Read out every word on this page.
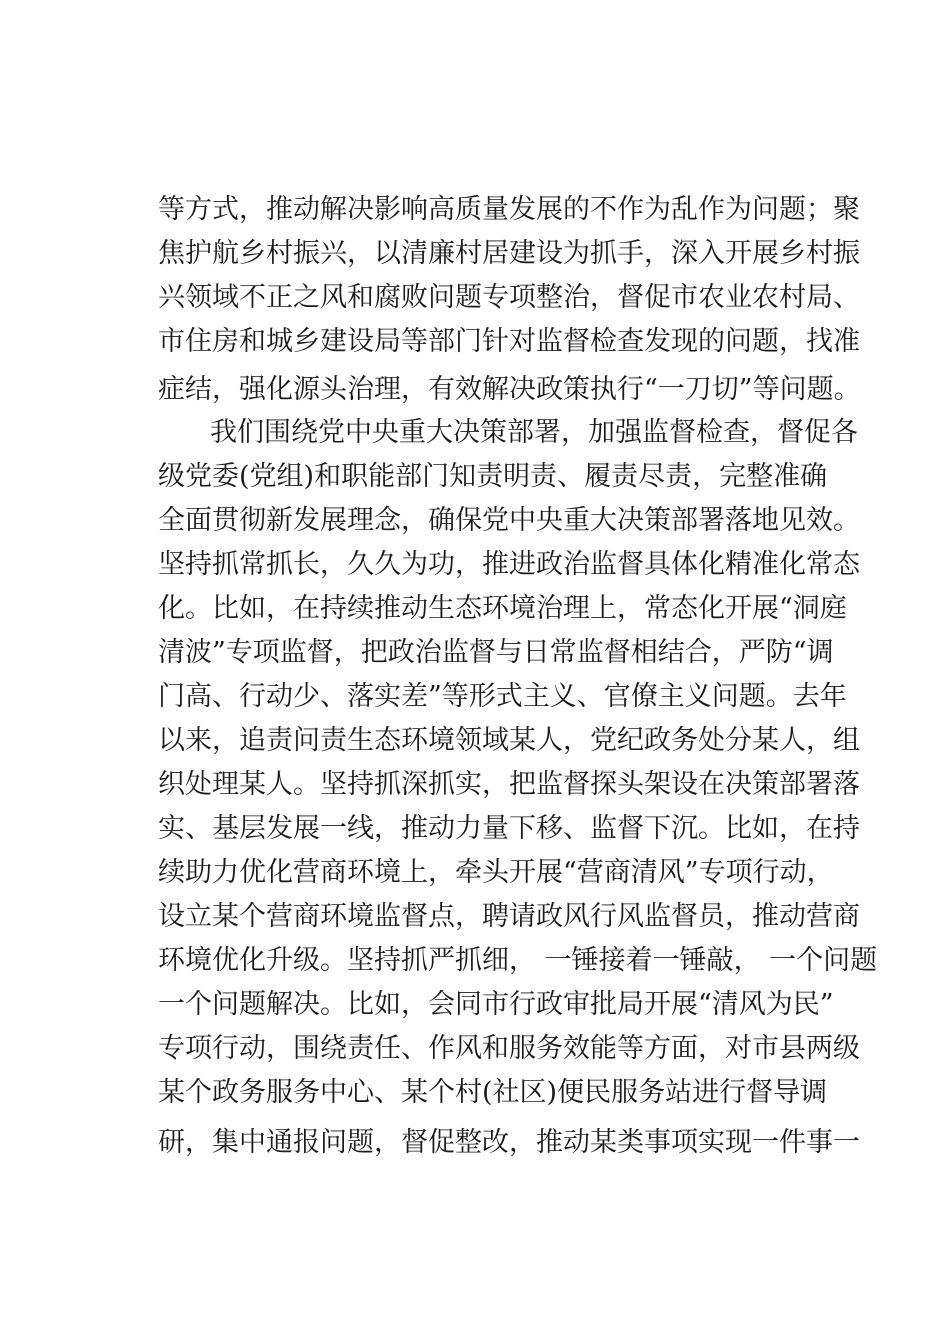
等方式，推动解决影响高质量发展的不作为乱作为问题；聚
焦护航乡村振兴，以清廉村居建设为抓手，深入开展乡村振
兴领域不正之风和腐败问题专项整治，督促市农业农村局、
市住房和城乡建设局等部门针对监督检查发现的问题，找准
症结，强化源头治理，有效解决政策执行“一刀切”等问题。
我们围绕党中央重大决策部署，加强监督检查，督促各
级党委(党组)和职能部门知责明责、履责尽责，完整准确
全面贯彻新发展理念，确保党中央重大决策部署落地见效。
坚持抓常抓长，久久为功，推进政治监督具体化精准化常态
化。比如，在持续推动生态环境治理上，常态化开展“洞庭
清波”专项监督，把政治监督与日常监督相结合，严防“调
门高、行动少、落实差”等形式主义、官僚主义问题。去年
以来，追责问责生态环境领域某人，党纪政务处分某人，组
织处理某人。坚持抓深抓实，把监督探头架设在决策部署落
实、基层发展一线，推动力量下移、监督下沉。比如，在持
续助力优化营商环境上，牵头开展“营商清风”专项行动，
设立某个营商环境监督点，聘请政风行风监督员，推动营商
环境优化升级。坚持抓严抓细， 一锤接着一锤敲， 一个问题
一个问题解决。比如，会同市行政审批局开展“清风为民”
专项行动，围绕责任、作风和服务效能等方面，对市县两级
某个政务服务中心、某个村(社区)便民服务站进行督导调
研，集中通报问题，督促整改，推动某类事项实现一件事一
